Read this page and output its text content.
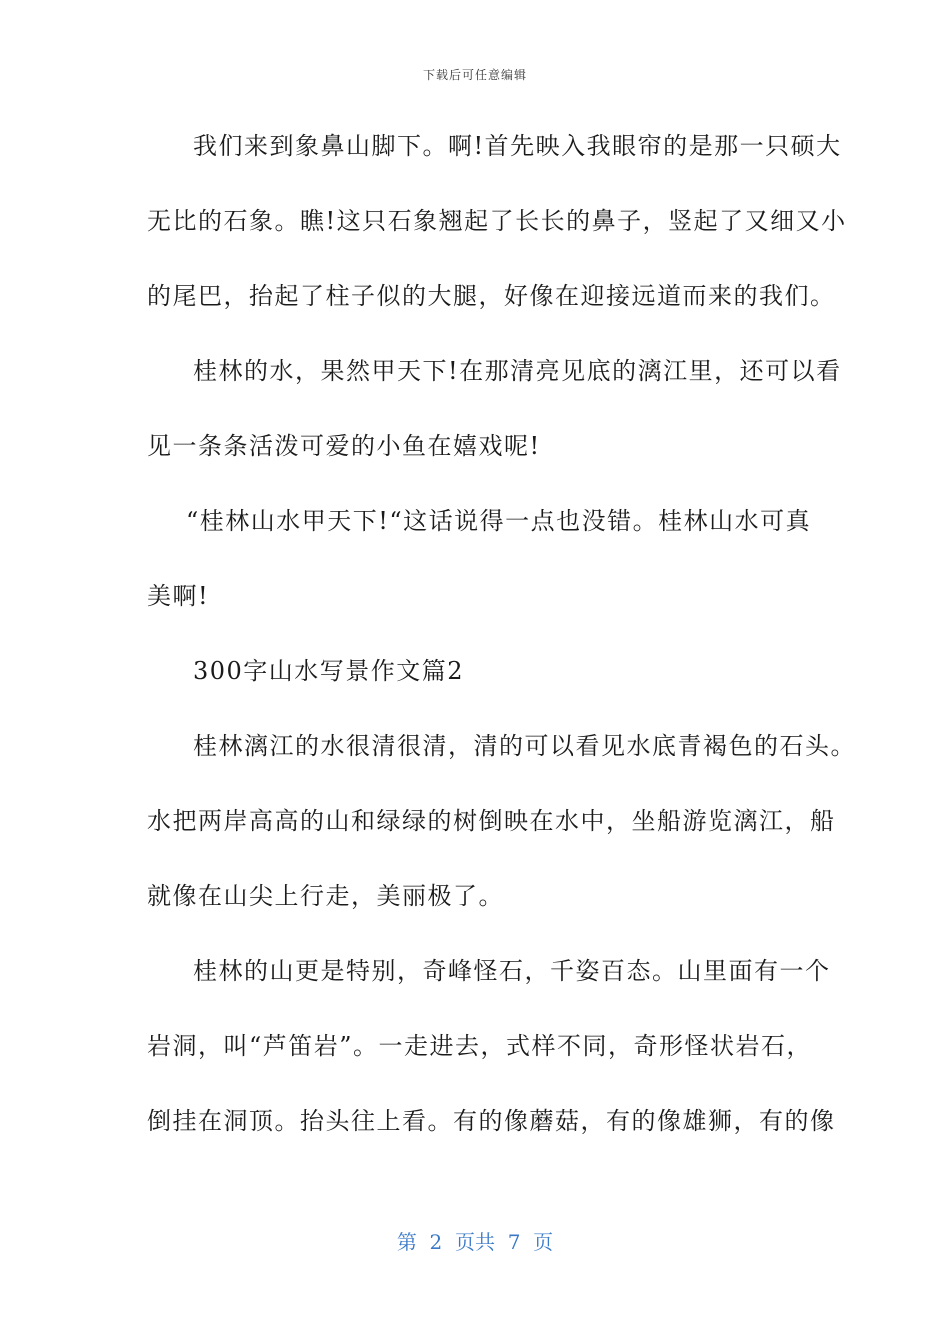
下载后可任意编辑
我们来到象鼻山脚下。啊!首先映入我眼帘的是那一只硕大
无比的石象。瞧!这只石象翘起了长长的鼻子，竖起了又细又小
的尾巴，抬起了柱子似的大腿，好像在迎接远道而来的我们。
桂林的水，果然甲天下!在那清亮见底的漓江里，还可以看
见一条条活泼可爱的小鱼在嬉戏呢!
“桂林山水甲天下!“这话说得一点也没错。桂林山水可真
美啊!
300字山水写景作文篇2
桂林漓江的水很清很清，清的可以看见水底青褐色的石头。
水把两岸高高的山和绿绿的树倒映在水中，坐船游览漓江，船
就像在山尖上行走，美丽极了。
桂林的山更是特别，奇峰怪石，千姿百态。山里面有一个
岩洞，叫“芦笛岩”。一走进去，式样不同，奇形怪状岩石，
倒挂在洞顶。抬头往上看。有的像蘑菇，有的像雄狮，有的像
第  2  页共  7  页
